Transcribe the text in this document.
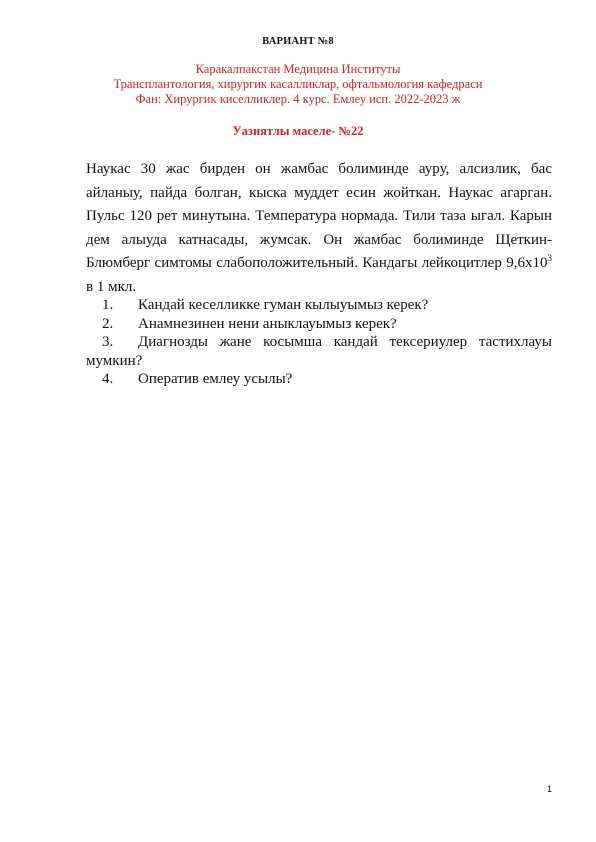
ВАРИАНТ №8
Каракалпакстан Медицина Институты
Трансплантология, хирургик касалликлар, офтальмология кафедраси
Фан: Хирургик киселликлер. 4 курс. Емлеу исп. 2022-2023 ж
Уазиятлы маселе- №22
Наукас 30 жас бирден он жамбас болиминде ауру, алсизлик, бас айланыу, пайда болган, кыска муддет есин жойткан. Наукас агарган. Пульс 120 рет минутына. Температура нормада. Тили таза ыгал. Карын дем алыуда катнасады, жумсак. Он жамбас болиминде Щеткин-Блюмберг симтомы слабоположительный. Кандагы лейкоцитлер $9,6х10^3$ в 1 мкл.
1. Кандай кеселликке гуман кылыуымыз керек?
2. Анамнезинен нени аныклауымыз керек?
3. Диагнозды жане косымша кандай тексериулер тастихлауы мумкин?
4. Оператив емлеу усылы?
1
